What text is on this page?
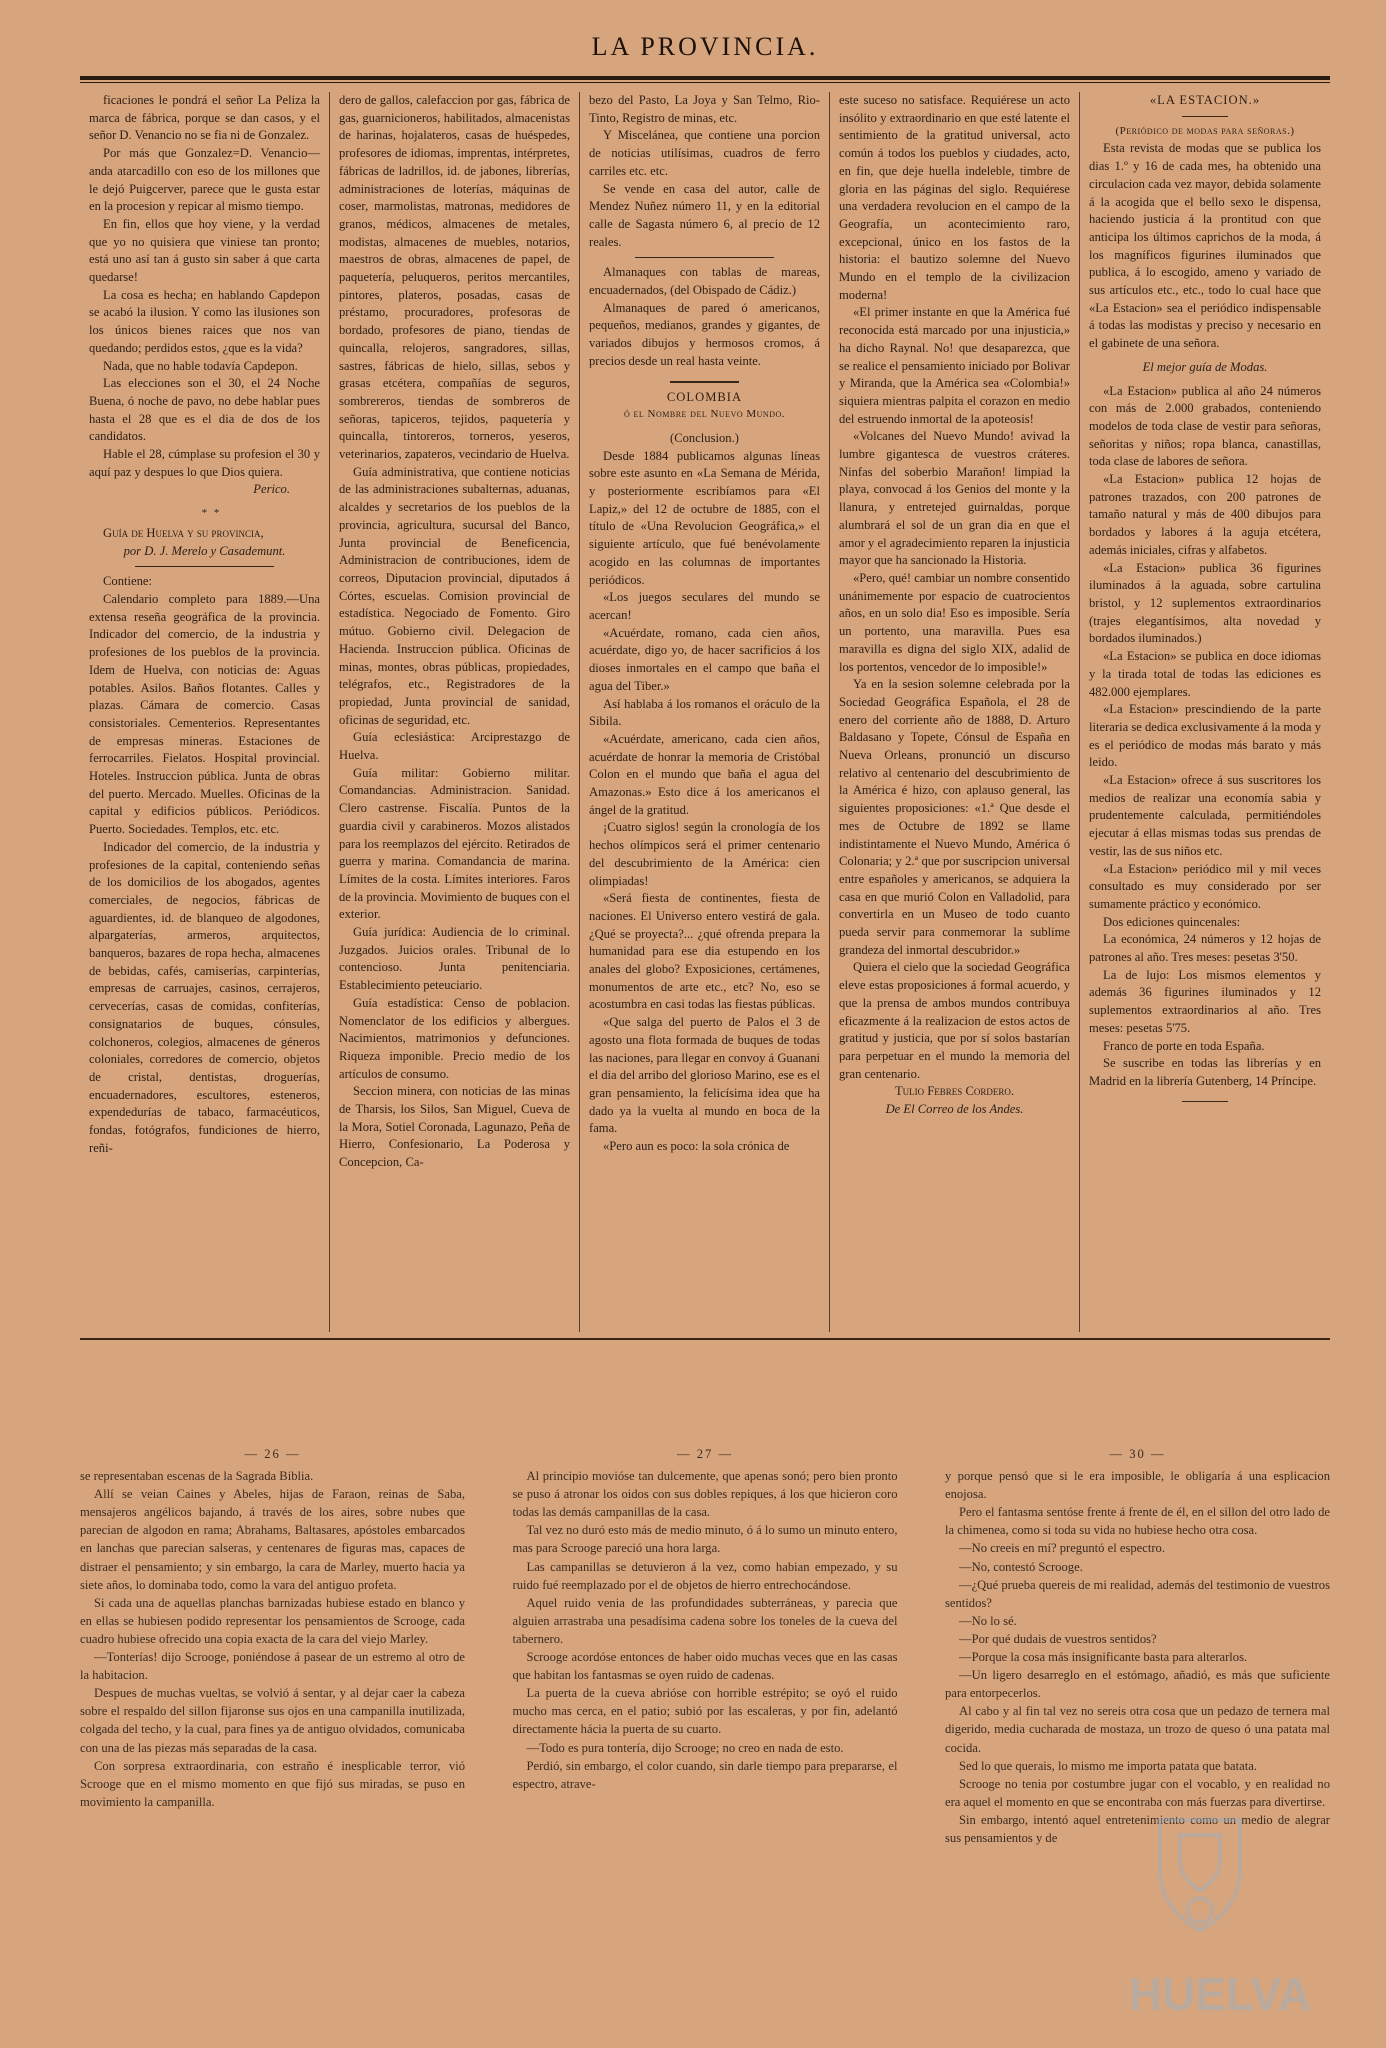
LA PROVINCIA.

ficaciones le pondrá el señor La Peliza la marca de fábrica, porque se dan casos, y el señor D. Venancio no se fia ni de Gonzalez.

Por más que Gonzalez=D. Venancio—anda atarcadillo con eso de los millones que le dejó Puigcerver, parece que le gusta estar en la procesion y repicar al mismo tiempo.

En fin, ellos que hoy viene, y la verdad que yo no quisiera que viniese tan pronto; está uno así tan á gusto sin saber á que carta quedarse!

La cosa es hecha; en hablando Capdepon se acabó la ilusion. Y como las ilusiones son los únicos bienes raices que nos van quedando; perdidos estos, ¿que es la vida?

Nada, que no hable todavía Capdepon.

Las elecciones son el 30, el 24 Noche Buena, ó noche de pavo, no debe hablar pues hasta el 28 que es el dia de dos de los candidatos.

Hable el 28, cúmplase su profesion el 30 y aquí paz y despues lo que Dios quiera.

Perico.

* *

Guía de Huelva y su provincia,

por D. J. Merelo y Casademunt.

Contiene:

Calendario completo para 1889.—Una extensa reseña geográfica de la provincia. Indicador del comercio, de la industria y profesiones de los pueblos de la provincia. Idem de Huelva, con noticias de: Aguas potables. Asilos. Baños flotantes. Calles y plazas. Cámara de comercio. Casas consistoriales. Cementerios. Representantes de empresas mineras. Estaciones de ferrocarriles. Fielatos. Hospital provincial. Hoteles. Instruccion pública. Junta de obras del puerto. Mercado. Muelles. Oficinas de la capital y edificios públicos. Periódicos. Puerto. Sociedades. Templos, etc. etc.

Indicador del comercio, de la industria y profesiones de la capital, conteniendo señas de los domicilios de los abogados, agentes comerciales, de negocios, fábricas de aguardientes, id. de blanqueo de algodones, alpargaterías, armeros, arquitectos, banqueros, bazares de ropa hecha, almacenes de bebidas, cafés, camiserías, carpinterías, empresas de carruajes, casinos, cerrajeros, cervecerías, casas de comidas, confiterías, consignatarios de buques, cónsules, colchoneros, colegios, almacenes de géneros coloniales, corredores de comercio, objetos de cristal, dentistas, droguerías, encuadernadores, escultores, esteneros, expendedurías de tabaco, farmacéuticos, fondas, fotógrafos, fundiciones de hierro, reñi-

dero de gallos, calefaccion por gas, fábrica de gas, guarnicioneros, habilitados, almacenistas de harinas, hojalateros, casas de huéspedes, profesores de idiomas, imprentas, intérpretes, fábricas de ladrillos, id. de jabones, librerías, administraciones de loterías, máquinas de coser, marmolistas, matronas, medidores de granos, médicos, almacenes de metales, modistas, almacenes de muebles, notarios, maestros de obras, almacenes de papel, de paquetería, peluqueros, peritos mercantiles, pintores, plateros, posadas, casas de préstamo, procuradores, profesoras de bordado, profesores de piano, tiendas de quincalla, relojeros, sangradores, sillas, sastres, fábricas de hielo, sillas, sebos y grasas etcétera, compañías de seguros, sombrereros, tiendas de sombreros de señoras, tapiceros, tejidos, paquetería y quincalla, tintoreros, torneros, yeseros, veterinarios, zapateros, vecindario de Huelva.

Guía administrativa, que contiene noticias de las administraciones subalternas, aduanas, alcaldes y secretarios de los pueblos de la provincia, agricultura, sucursal del Banco, Junta provincial de Beneficencia, Administracion de contribuciones, idem de correos, Diputacion provincial, diputados á Córtes, escuelas. Comision provincial de estadística. Negociado de Fomento. Giro mútuo. Gobierno civil. Delegacion de Hacienda. Instruccion pública. Oficinas de minas, montes, obras públicas, propiedades, telégrafos, etc., Registradores de la propiedad, Junta provincial de sanidad, oficinas de seguridad, etc.

Guía eclesiástica: Arciprestazgo de Huelva.

Guía militar: Gobierno militar. Comandancias. Administracion. Sanidad. Clero castrense. Fiscalía. Puntos de la guardia civil y carabineros. Mozos alistados para los reemplazos del ejército. Retirados de guerra y marina. Comandancia de marina. Límites de la costa. Límites interiores. Faros de la provincia. Movimiento de buques con el exterior.

Guía jurídica: Audiencia de lo criminal. Juzgados. Juicios orales. Tribunal de lo contencioso. Junta penitenciaria. Establecimiento peteuciario.

Guía estadística: Censo de poblacion. Nomenclator de los edificios y albergues. Nacimientos, matrimonios y defunciones. Riqueza imponible. Precio medio de los artículos de consumo.

Seccion minera, con noticias de las minas de Tharsis, los Silos, San Miguel, Cueva de la Mora, Sotiel Coronada, Lagunazo, Peña de Hierro, Confesionario, La Poderosa y Concepcion, Ca-

bezo del Pasto, La Joya y San Telmo, Rio-Tinto, Registro de minas, etc.

Y Miscelánea, que contiene una porcion de noticias utilísimas, cuadros de ferro carriles etc. etc.

Se vende en casa del autor, calle de Mendez Nuñez número 11, y en la editorial calle de Sagasta número 6, al precio de 12 reales.

Almanaques con tablas de mareas, encuadernados, (del Obispado de Cádiz.)

Almanaques de pared ó americanos, pequeños, medianos, grandes y gigantes, de variados dibujos y hermosos cromos, á precios desde un real hasta veinte.

COLOMBIA

ó el Nombre del Nuevo Mundo.

(Conclusion.)

Desde 1884 publicamos algunas líneas sobre este asunto en «La Semana de Mérida, y posteriormente escribíamos para «El Lapiz,» del 12 de octubre de 1885, con el título de «Una Revolucion Geográfica,» el siguiente artículo, que fué benévolamente acogido en las columnas de importantes periódicos.

«Los juegos seculares del mundo se acercan!

«Acuérdate, romano, cada cien años, acuérdate, digo yo, de hacer sacrificios á los dioses inmortales en el campo que baña el agua del Tiber.»

Así hablaba á los romanos el oráculo de la Sibila.

«Acuérdate, americano, cada cien años, acuérdate de honrar la memoria de Cristóbal Colon en el mundo que baña el agua del Amazonas.» Esto dice á los americanos el ángel de la gratitud.

¡Cuatro siglos! según la cronología de los hechos olímpicos será el primer centenario del descubrimiento de la América: cien olimpiadas!

«Será fiesta de continentes, fiesta de naciones. El Universo entero vestirá de gala. ¿Qué se proyecta?... ¿qué ofrenda prepara la humanidad para ese dia estupendo en los anales del globo? Exposiciones, certámenes, monumentos de arte etc., etc? No, eso se acostumbra en casi todas las fiestas públicas.

«Que salga del puerto de Palos el 3 de agosto una flota formada de buques de todas las naciones, para llegar en convoy á Guanani el dia del arribo del glorioso Marino, ese es el gran pensamiento, la felicísima idea que ha dado ya la vuelta al mundo en boca de la fama.

«Pero aun es poco: la sola crónica de

este suceso no satisface. Requiérese un acto insólito y extraordinario en que esté latente el sentimiento de la gratitud universal, acto común á todos los pueblos y ciudades, acto, en fin, que deje huella indeleble, timbre de gloria en las páginas del siglo. Requiérese una verdadera revolucion en el campo de la Geografía, un acontecimiento raro, excepcional, único en los fastos de la historia: el bautizo solemne del Nuevo Mundo en el templo de la civilizacion moderna!

«El primer instante en que la América fué reconocida está marcado por una injusticia,» ha dicho Raynal. No! que desaparezca, que se realice el pensamiento iniciado por Bolivar y Miranda, que la América sea «Colombia!» siquiera mientras palpita el corazon en medio del estruendo inmortal de la apoteosis!

«Volcanes del Nuevo Mundo! avivad la lumbre gigantesca de vuestros cráteres. Ninfas del soberbio Marañon! limpiad la playa, convocad á los Genios del monte y la llanura, y entretejed guirnaldas, porque alumbrará el sol de un gran dia en que el amor y el agradecimiento reparen la injusticia mayor que ha sancionado la Historia.

«Pero, qué! cambiar un nombre consentido unánimemente por espacio de cuatrocientos años, en un solo dia! Eso es imposible. Sería un portento, una maravilla. Pues esa maravilla es digna del siglo XIX, adalid de los portentos, vencedor de lo imposible!»

Ya en la sesion solemne celebrada por la Sociedad Geográfica Española, el 28 de enero del corriente año de 1888, D. Arturo Baldasano y Topete, Cónsul de España en Nueva Orleans, pronunció un discurso relativo al centenario del descubrimiento de la América é hizo, con aplauso general, las siguientes proposiciones: «1.ª Que desde el mes de Octubre de 1892 se llame indistintamente el Nuevo Mundo, América ó Colonaria; y 2.ª que por suscripcion universal entre españoles y americanos, se adquiera la casa en que murió Colon en Valladolid, para convertirla en un Museo de todo cuanto pueda servir para conmemorar la sublime grandeza del inmortal descubridor.»

Quiera el cielo que la sociedad Geográfica eleve estas proposiciones á formal acuerdo, y que la prensa de ambos mundos contribuya eficazmente á la realizacion de estos actos de gratitud y justicia, que por sí solos bastarían para perpetuar en el mundo la memoria del gran centenario.

Tulio Febres Cordero.

De El Correo de los Andes.

«LA ESTACION.»

(Periódico de modas para señoras.)

Esta revista de modas que se publica los dias 1.º y 16 de cada mes, ha obtenido una circulacion cada vez mayor, debida solamente á la acogida que el bello sexo le dispensa, haciendo justicia á la prontitud con que anticipa los últimos caprichos de la moda, á los magníficos figurines iluminados que publica, á lo escogido, ameno y variado de sus artículos etc., etc., todo lo cual hace que «La Estacion» sea el periódico indispensable á todas las modistas y preciso y necesario en el gabinete de una señora.

El mejor guía de Modas.

«La Estacion» publica al año 24 números con más de 2.000 grabados, conteniendo modelos de toda clase de vestir para señoras, señoritas y niños; ropa blanca, canastillas, toda clase de labores de señora.

«La Estacion» publica 12 hojas de patrones trazados, con 200 patrones de tamaño natural y más de 400 dibujos para bordados y labores á la aguja etcétera, además iniciales, cifras y alfabetos.

«La Estacion» publica 36 figurines iluminados á la aguada, sobre cartulina bristol, y 12 suplementos extraordinarios (trajes elegantísimos, alta novedad y bordados iluminados.)

«La Estacion» se publica en doce idiomas y la tirada total de todas las ediciones es 482.000 ejemplares.

«La Estacion» prescindiendo de la parte literaria se dedica exclusivamente á la moda y es el periódico de modas más barato y más leido.

«La Estacion» ofrece á sus suscritores los medios de realizar una economía sabia y prudentemente calculada, permitiéndoles ejecutar á ellas mismas todas sus prendas de vestir, las de sus niños etc.

«La Estacion» periódico mil y mil veces consultado es muy considerado por ser sumamente práctico y económico.

Dos ediciones quincenales:

La económica, 24 números y 12 hojas de patrones al año. Tres meses: pesetas 3'50.

La de lujo: Los mismos elementos y además 36 figurines iluminados y 12 suplementos extraordinarios al año. Tres meses: pesetas 5'75.

Franco de porte en toda España.

Se suscribe en todas las librerías y en Madrid en la librería Gutenberg, 14 Príncipe.

— 26 —

se representaban escenas de la Sagrada Biblia.

Allí se veian Caines y Abeles, hijas de Faraon, reinas de Saba, mensajeros angélicos bajando, á través de los aires, sobre nubes que parecian de algodon en rama; Abrahams, Baltasares, apóstoles embarcados en lanchas que parecian salseras, y centenares de figuras mas, capaces de distraer el pensamiento; y sin embargo, la cara de Marley, muerto hacia ya siete años, lo dominaba todo, como la vara del antiguo profeta.

Si cada una de aquellas planchas barnizadas hubiese estado en blanco y en ellas se hubiesen podido representar los pensamientos de Scrooge, cada cuadro hubiese ofrecido una copia exacta de la cara del viejo Marley.

—Tonterías! dijo Scrooge, poniéndose á pasear de un estremo al otro de la habitacion.

Despues de muchas vueltas, se volvió á sentar, y al dejar caer la cabeza sobre el respaldo del sillon fijaronse sus ojos en una campanilla inutilizada, colgada del techo, y la cual, para fines ya de antiguo olvidados, comunicaba con una de las piezas más separadas de la casa.

Con sorpresa extraordinaria, con estraño é inesplicable terror, vió Scrooge que en el mismo momento en que fijó sus miradas, se puso en movimiento la campanilla.

— 27 —

Al principio movióse tan dulcemente, que apenas sonó; pero bien pronto se puso á atronar los oidos con sus dobles repiques, á los que hicieron coro todas las demás campanillas de la casa.

Tal vez no duró esto más de medio minuto, ó á lo sumo un minuto entero, mas para Scrooge pareció una hora larga.

Las campanillas se detuvieron á la vez, como habian empezado, y su ruido fué reemplazado por el de objetos de hierro entrechocándose.

Aquel ruido venia de las profundidades subterráneas, y parecia que alguien arrastraba una pesadísima cadena sobre los toneles de la cueva del tabernero.

Scrooge acordóse entonces de haber oido muchas veces que en las casas que habitan los fantasmas se oyen ruido de cadenas.

La puerta de la cueva abrióse con horrible estrépito; se oyó el ruido mucho mas cerca, en el patio; subió por las escaleras, y por fin, adelantó directamente hácia la puerta de su cuarto.

—Todo es pura tontería, dijo Scrooge; no creo en nada de esto.

Perdió, sin embargo, el color cuando, sin darle tiempo para prepararse, el espectro, atrave-

— 30 —

y porque pensó que si le era imposible, le obligaría á una esplicacion enojosa.

Pero el fantasma sentóse frente á frente de él, en el sillon del otro lado de la chimenea, como si toda su vida no hubiese hecho otra cosa.

—No creeis en mí? preguntó el espectro.

—No, contestó Scrooge.

—¿Qué prueba quereis de mi realidad, además del testimonio de vuestros sentidos?

—No lo sé.

—Por qué dudais de vuestros sentidos?

—Porque la cosa más insignificante basta para alterarlos.

—Un ligero desarreglo en el estómago, añadió, es más que suficiente para entorpecerlos.

Al cabo y al fin tal vez no sereis otra cosa que un pedazo de ternera mal digerido, media cucharada de mostaza, un trozo de queso ó una patata mal cocida.

Sed lo que querais, lo mismo me importa patata que batata.

Scrooge no tenia por costumbre jugar con el vocablo, y en realidad no era aquel el momento en que se encontraba con más fuerzas para divertirse.

Sin embargo, intentó aquel entretenimiento como un medio de alegrar sus pensamientos y de

HUELVA
